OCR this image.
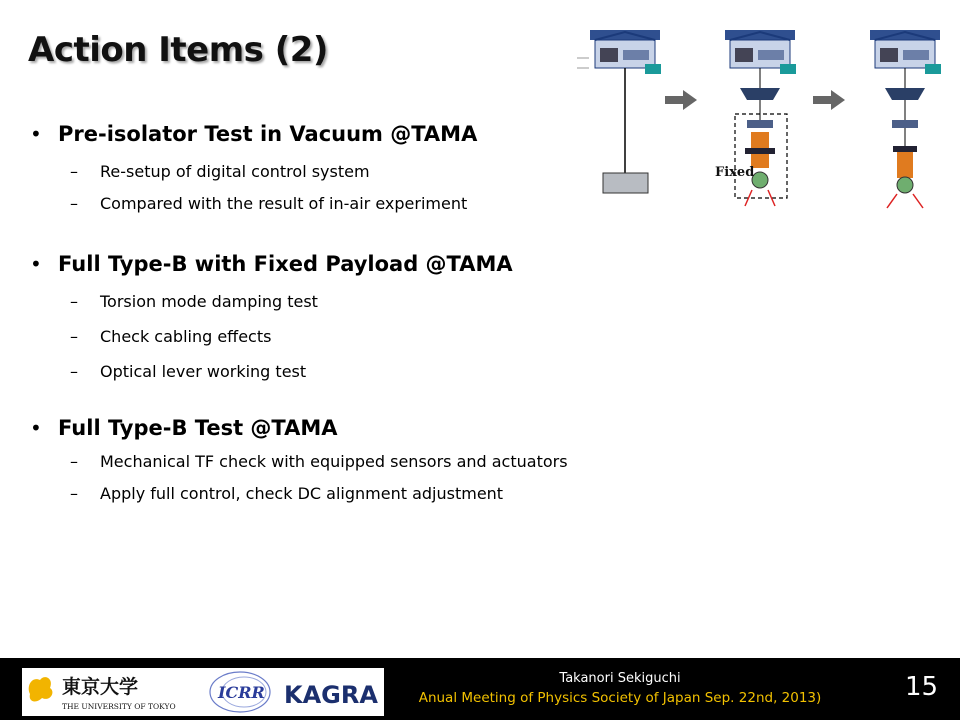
Action Items (2)
• Pre-isolator Test in Vacuum @TAMA
–	Re-setup of digital control system
–	Compared with the result of in-air experiment
• Full Type-B with Fixed Payload @TAMA
–	Torsion mode damping test
–	Check cabling effects
–	Optical lever working test
• Full Type-B Test @TAMA
–	Mechanical TF check with equipped sensors and actuators
–	Apply full control, check DC alignment adjustment
Fixed
東京大学
THE UNIVERSITY OF TOKYO
ICRR KAGRA
Takanori Sekiguchi
Anual Meeting of Physics Society of Japan Sep. 22nd, 2013)	15
